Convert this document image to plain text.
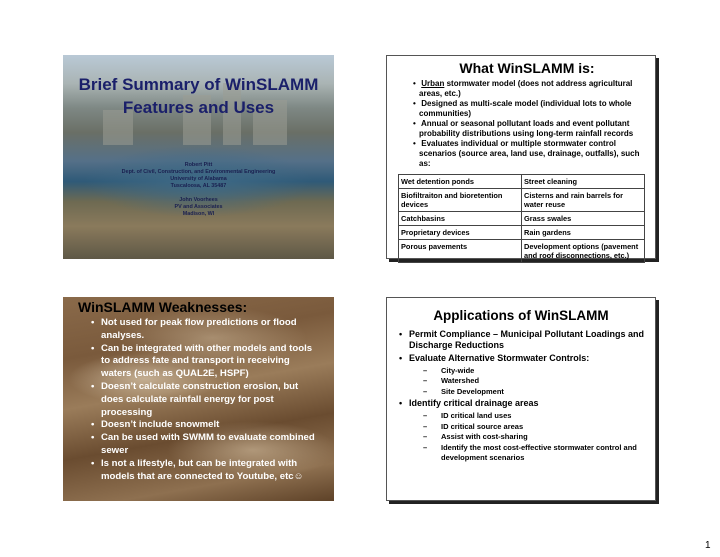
Brief Summary of WinSLAMM Features and Uses
Robert Pitt
Dept. of Civil, Construction, and Environmental Engineering
University of Alabama
Tuscaloosa, AL 35487

John Voorhees
PV and Associates
Madison, WI
What WinSLAMM is:
• Urban stormwater model (does not address agricultural areas, etc.)
• Designed as multi-scale model (individual lots to whole communities)
• Annual or seasonal pollutant loads and event pollutant probability distributions using long-term rainfall records
• Evaluates individual or multiple stormwater control scenarios (source area, land use, drainage, outfalls), such as:
Wet detention ponds	Street cleaning
Biofiltraiton and bioretention devices	Cisterns and rain barrels for water reuse
Catchbasins	Grass swales
Proprietary devices	Rain gardens
Porous pavements	Development options (pavement and roof disconnections, etc.)
WinSLAMM Weaknesses:
• Not used for peak flow predictions or flood analyses.
• Can be integrated with other models and tools to address fate and transport in receiving waters (such as QUAL2E, HSPF)
• Doesn’t calculate construction erosion, but does calculate rainfall energy for post processing
• Doesn’t include snowmelt
• Can be used with SWMM to evaluate combined sewer
• Is not a lifestyle, but can be integrated with models that are connected to Youtube, etc☺
Applications of WinSLAMM
• Permit Compliance – Municipal Pollutant Loadings and Discharge Reductions
• Evaluate Alternative Stormwater Controls:
– City-wide
– Watershed
– Site Development
• Identify critical drainage areas
– ID critical land uses
– ID critical source areas
– Assist with cost-sharing
– Identify the most cost-effective stormwater control and development scenarios
1
